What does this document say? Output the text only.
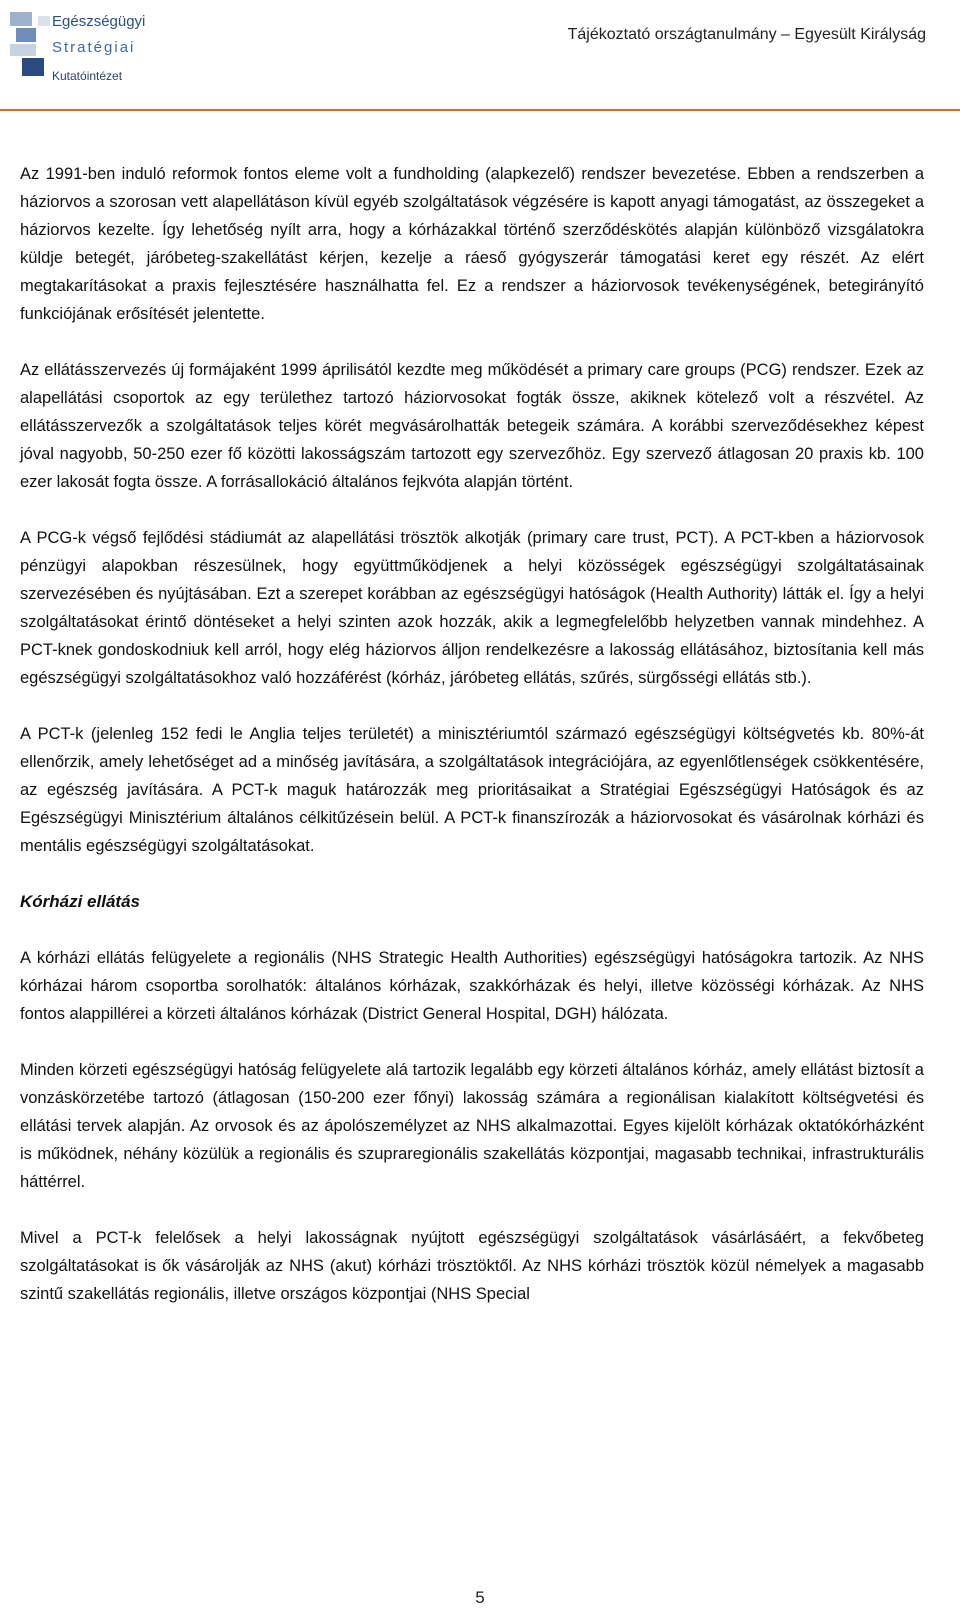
Egészségügyi
Stratégiai
Kutatóintézet
Tájékoztató országtanulmány – Egyesült Királyság

Az 1991-ben induló reformok fontos eleme volt a fundholding (alapkezelő) rendszer bevezetése. Ebben a rendszerben a háziorvos a szorosan vett alapellátáson kívül egyéb szolgáltatások végzésére is kapott anyagi támogatást, az összegeket a háziorvos kezelte. Így lehetőség nyílt arra, hogy a kórházakkal történő szerződéskötés alapján különböző vizsgálatokra küldje betegét, járóbeteg-szakellátást kérjen, kezelje a ráeső gyógyszerár támogatási keret egy részét. Az elért megtakarításokat a praxis fejlesztésére használhatta fel. Ez a rendszer a háziorvosok tevékenységének, betegirányító funkciójának erősítését jelentette.

Az ellátásszervezés új formájaként 1999 áprilisától kezdte meg működését a primary care groups (PCG) rendszer. Ezek az alapellátási csoportok az egy területhez tartozó háziorvosokat fogták össze, akiknek kötelező volt a részvétel. Az ellátásszervezők a szolgáltatások teljes körét megvásárolhatták betegeik számára. A korábbi szerveződésekhez képest jóval nagyobb, 50-250 ezer fő közötti lakosságszám tartozott egy szervezőhöz. Egy szervező átlagosan 20 praxis kb. 100 ezer lakosát fogta össze. A forrásallokáció általános fejkvóta alapján történt.

A PCG-k végső fejlődési stádiumát az alapellátási trösztök alkotják (primary care trust, PCT). A PCT-kben a háziorvosok pénzügyi alapokban részesülnek, hogy együttműködjenek a helyi közösségek egészségügyi szolgáltatásainak szervezésében és nyújtásában. Ezt a szerepet korábban az egészségügyi hatóságok (Health Authority) látták el. Így a helyi szolgáltatásokat érintő döntéseket a helyi szinten azok hozzák, akik a legmegfelelőbb helyzetben vannak mindehhez. A PCT-knek gondoskodniuk kell arról, hogy elég háziorvos álljon rendelkezésre a lakosság ellátásához, biztosítania kell más egészségügyi szolgáltatásokhoz való hozzáférést (kórház, járóbeteg ellátás, szűrés, sürgősségi ellátás stb.).

A PCT-k (jelenleg 152 fedi le Anglia teljes területét) a minisztériumtól származó egészségügyi költségvetés kb. 80%-át ellenőrzik, amely lehetőséget ad a minőség javítására, a szolgáltatások integrációjára, az egyenlőtlenségek csökkentésére, az egészség javítására. A PCT-k maguk határozzák meg prioritásaikat a Stratégiai Egészségügyi Hatóságok és az Egészségügyi Minisztérium általános célkitűzésein belül. A PCT-k finanszírozák a háziorvosokat és vásárolnak kórházi és mentális egészségügyi szolgáltatásokat.

Kórházi ellátás

A kórházi ellátás felügyelete a regionális (NHS Strategic Health Authorities) egészségügyi hatóságokra tartozik. Az NHS kórházai három csoportba sorolhatók: általános kórházak, szakkórházak és helyi, illetve közösségi kórházak. Az NHS fontos alappillérei a körzeti általános kórházak (District General Hospital, DGH) hálózata.

Minden körzeti egészségügyi hatóság felügyelete alá tartozik legalább egy körzeti általános kórház, amely ellátást biztosít a vonzáskörzetébe tartozó (átlagosan (150-200 ezer főnyi) lakosság számára a regionálisan kialakított költségvetési és ellátási tervek alapján. Az orvosok és az ápolószemélyzet az NHS alkalmazottai. Egyes kijelölt kórházak oktatókórházként is működnek, néhány közülük a regionális és szupraregionális szakellátás központjai, magasabb technikai, infrastrukturális háttérrel.

Mivel a PCT-k felelősek a helyi lakosságnak nyújtott egészségügyi szolgáltatások vásárlásáért, a fekvőbeteg szolgáltatásokat is ők vásárolják az NHS (akut) kórházi trösztöktől. Az NHS kórházi trösztök közül némelyek a magasabb szintű szakellátás regionális, illetve országos központjai (NHS Special

5
